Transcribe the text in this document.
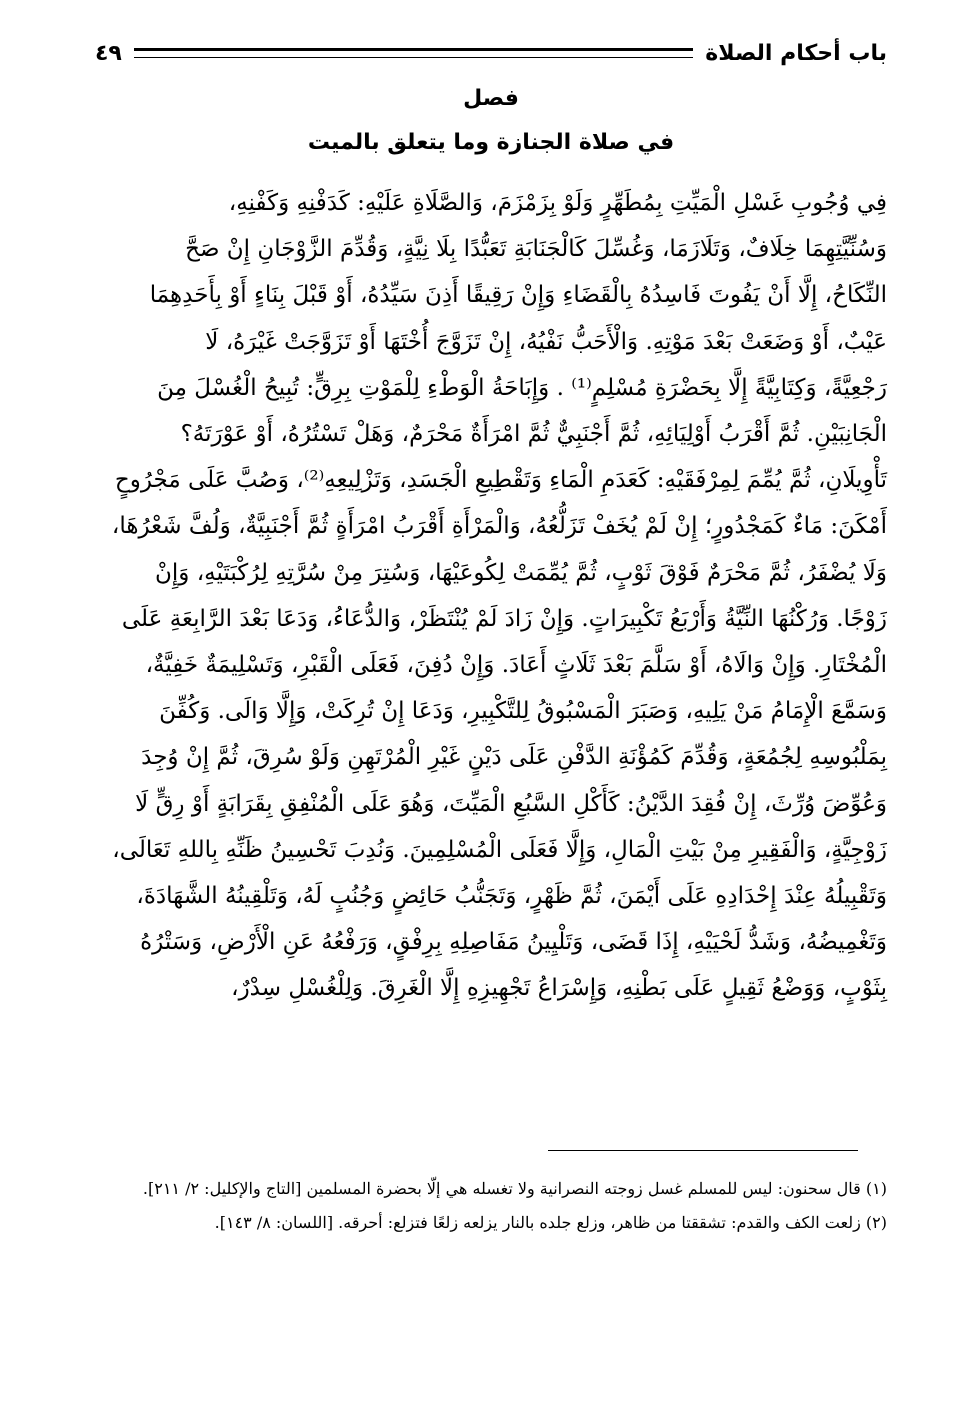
باب أحكام الصلاة
٤٩
فصل
في صلاة الجنازة وما يتعلق بالميت

فِي وُجُوبِ غَسْلِ الْمَيِّتِ بِمُطَهِّرٍ وَلَوْ بِزَمْزَمَ، وَالصَّلَاةِ عَلَيْهِ: كَدَفْنِهِ وَكَفْنِهِ،

وَسُنِّيَّتِهِمَا خِلَافٌ، وَتَلَازَمَا، وَغُسِّلَ كَالْجَنَابَةِ تَعَبُّدًا بِلَا نِيَّةٍ، وَقُدِّمَ الزَّوْجَانِ إِنْ صَحَّ

النِّكَاحُ، إِلَّا أَنْ يَفُوتَ فَاسِدُهُ بِالْقَضَاءِ وَإِنْ رَقِيقًا أَذِنَ سَيِّدُهُ، أَوْ قَبْلَ بِنَاءٍ أَوْ بِأَحَدِهِمَا

عَيْبٌ، أَوْ وَضَعَتْ بَعْدَ مَوْتِهِ. وَالْأَحَبُّ نَفْيُهُ، إِنْ تَزَوَّجَ أُخْتَهَا أَوْ تَزَوَّجَتْ غَيْرَهُ، لَا

رَجْعِيَّةً، وَكِتَابِيَّةً إِلَّا بِحَضْرَةِ مُسْلِمٍ⁽¹⁾ . وَإِبَاحَةُ الْوَطْءِ لِلْمَوْتِ بِرِقٍّ: تُبِيحُ الْغُسْلَ مِنَ

الْجَانِبَيْنِ. ثُمَّ أَقْرَبُ أَوْلِيَائِهِ، ثُمَّ أَجْنَبِيٌّ ثُمَّ امْرَأَةٌ مَحْرَمٌ، وَهَلْ تَسْتُرُهُ، أَوْ عَوْرَتَهُ؟

تَأْوِيلَانِ، ثُمَّ يُمِّمَ لِمِرْفَقَيْهِ: كَعَدَمِ الْمَاءِ وَتَقْطِيعِ الْجَسَدِ، وَتَزْلِيعِهِ⁽²⁾، وَصُبَّ عَلَى مَجْرُوحٍ

أَمْكَنَ: مَاءٌ كَمَجْدُورٍ؛ إِنْ لَمْ يُخَفْ تَزَلُّعُهُ، وَالْمَرْأَةِ أَقْرَبُ امْرَأَةٍ ثُمَّ أَجْنَبِيَّةٌ، وَلُفَّ شَعْرُهَا،

وَلَا يُضْفَرُ، ثُمَّ مَحْرَمٌ فَوْقَ ثَوْبٍ، ثُمَّ يُمِّمَتْ لِكُوعَيْهَا، وَسُتِرَ مِنْ سُرَّتِهِ لِرُكْبَتَيْهِ، وَإِنْ

زَوْجًا. وَرُكْنُهَا النِّيَّةُ وَأَرْبَعُ تَكْبِيرَاتٍ. وَإِنْ زَادَ لَمْ يُنْتَظَرْ، وَالدُّعَاءُ، وَدَعَا بَعْدَ الرَّابِعَةِ عَلَى

الْمُخْتَارِ. وَإِنْ وَالَاهُ، أَوْ سَلَّمَ بَعْدَ ثَلَاثٍ أَعَادَ. وَإِنْ دُفِنَ، فَعَلَى الْقَبْرِ، وَتَسْلِيمَةٌ خَفِيَّةٌ،

وَسَمَّعَ الْإِمَامُ مَنْ يَلِيهِ، وَصَبَرَ الْمَسْبُوقُ لِلتَّكْبِيرِ، وَدَعَا إِنْ تُرِكَتْ، وَإِلَّا وَالَى. وَكُفِّنَ

بِمَلْبُوسِهِ لِجُمُعَةٍ، وَقُدِّمَ كَمُؤْنَةِ الدَّفْنِ عَلَى دَيْنٍ غَيْرِ الْمُرْتَهِنِ وَلَوْ سُرِقَ، ثُمَّ إِنْ وُجِدَ

وَعُوِّضَ وُرِّثَ، إِنْ فُقِدَ الدَّيْنُ: كَأَكْلِ السَّبُعِ الْمَيِّتَ، وَهُوَ عَلَى الْمُنْفِقِ بِقَرَابَةٍ أَوْ رِقٍّ لَا

زَوْجِيَّةٍ، وَالْفَقِيرِ مِنْ بَيْتِ الْمَالِ، وَإِلَّا فَعَلَى الْمُسْلِمِينَ. وَنُدِبَ تَحْسِينُ ظَنِّهِ بِاللهِ تَعَالَى،

وَتَقْبِيلُهُ عِنْدَ إِحْدَادِهِ عَلَى أَيْمَنَ، ثُمَّ ظَهْرٍ، وَتَجَنُّبُ حَائِضٍ وَجُنُبٍ لَهُ، وَتَلْقِينُهُ الشَّهَادَةَ،

وَتَغْمِيضُهُ، وَشَدُّ لَحْيَيْهِ، إِذَا قَضَى، وَتَلْيِينُ مَفَاصِلِهِ بِرِفْقٍ، وَرَفْعُهُ عَنِ الْأَرْضِ، وَسَتْرُهُ

بِثَوْبٍ، وَوَضْعُ ثَقِيلٍ عَلَى بَطْنِهِ، وَإِسْرَاعُ تَجْهِيزِهِ إِلَّا الْغَرِقَ. وَلِلْغُسْلِ سِدْرٌ،

(١) قال سحنون: ليس للمسلم غسل زوجته النصرانية ولا تغسله هي إلّا بحضرة المسلمين [التاج والإكليل: ٢/ ٢١١].

(٢) زلعت الكف والقدم: تشققتا من ظاهر، وزلع جلده بالنار يزلعه زلعًا فتزلع: أحرقه. [اللسان: ٨/ ١٤٣].
